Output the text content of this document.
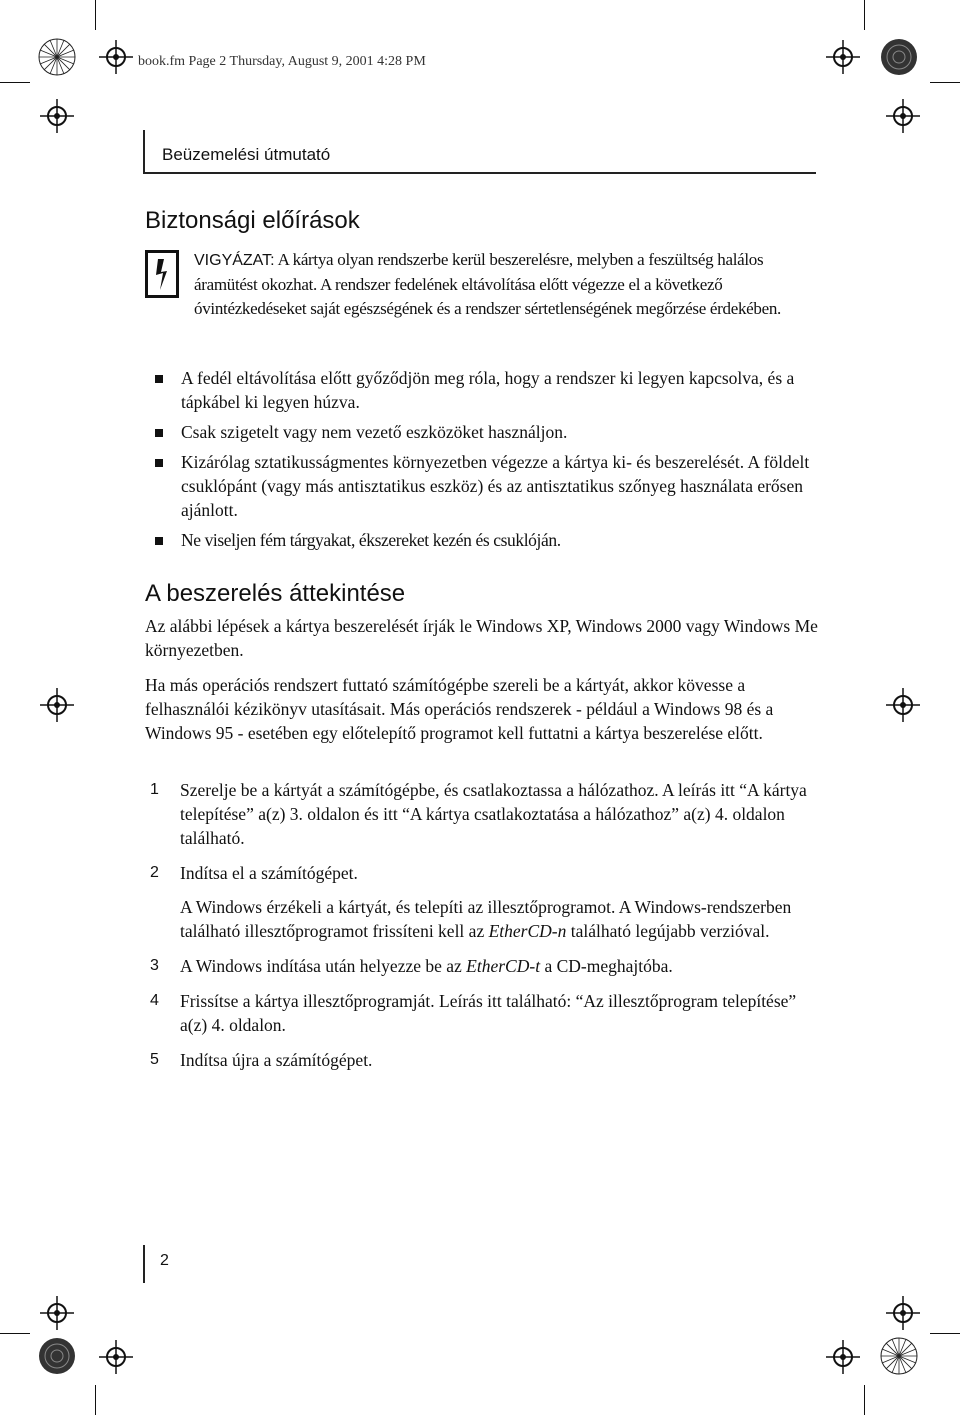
book.fm Page 2 Thursday, August 9, 2001 4:28 PM
Beüzemelési útmutató
Biztonsági előírások

VIGYÁZAT: A kártya olyan rendszerbe kerül beszerelésre, melyben a feszültség halálos áramütést okozhat. A rendszer fedelének eltávolítása előtt végezze el a következő óvintézkedéseket saját egészségének és a rendszer sértetlenségének megőrzése érdekében.

A fedél eltávolítása előtt győződjön meg róla, hogy a rendszer ki legyen kapcsolva, és a tápkábel ki legyen húzva.
Csak szigetelt vagy nem vezető eszközöket használjon.
Kizárólag sztatikusságmentes környezetben végezze a kártya ki- és beszerelését. A földelt csuklópánt (vagy más antisztatikus eszköz) és az antisztatikus szőnyeg használata erősen ajánlott.
Ne viseljen fém tárgyakat, ékszereket kezén és csuklóján.
A beszerelés áttekintése

Az alábbi lépések a kártya beszerelését írják le Windows XP, Windows 2000 vagy Windows Me környezetben.

Ha más operációs rendszert futtató számítógépbe szereli be a kártyát, akkor kövesse a felhasználói kézikönyv utasításait. Más operációs rendszerek - például a Windows 98 és a Windows 95 - esetében egy előtelepítő programot kell futtatni a kártya beszerelése előtt.

1 Szerelje be a kártyát a számítógépbe, és csatlakoztassa a hálózathoz. A leírás itt “A kártya telepítése” a(z) 3. oldalon és itt “A kártya csatlakoztatása a hálózathoz” a(z) 4. oldalon található.
2 Indítsa el a számítógépet.
A Windows érzékeli a kártyát, és telepíti az illesztőprogramot. A Windows-rendszerben található illesztőprogramot frissíteni kell az EtherCD-n található legújabb verzióval.
3 A Windows indítása után helyezze be az EtherCD-t a CD-meghajtóba.
4 Frissítse a kártya illesztőprogramját. Leírás itt található: “Az illesztőprogram telepítése” a(z) 4. oldalon.
5 Indítsa újra a számítógépet.
2
